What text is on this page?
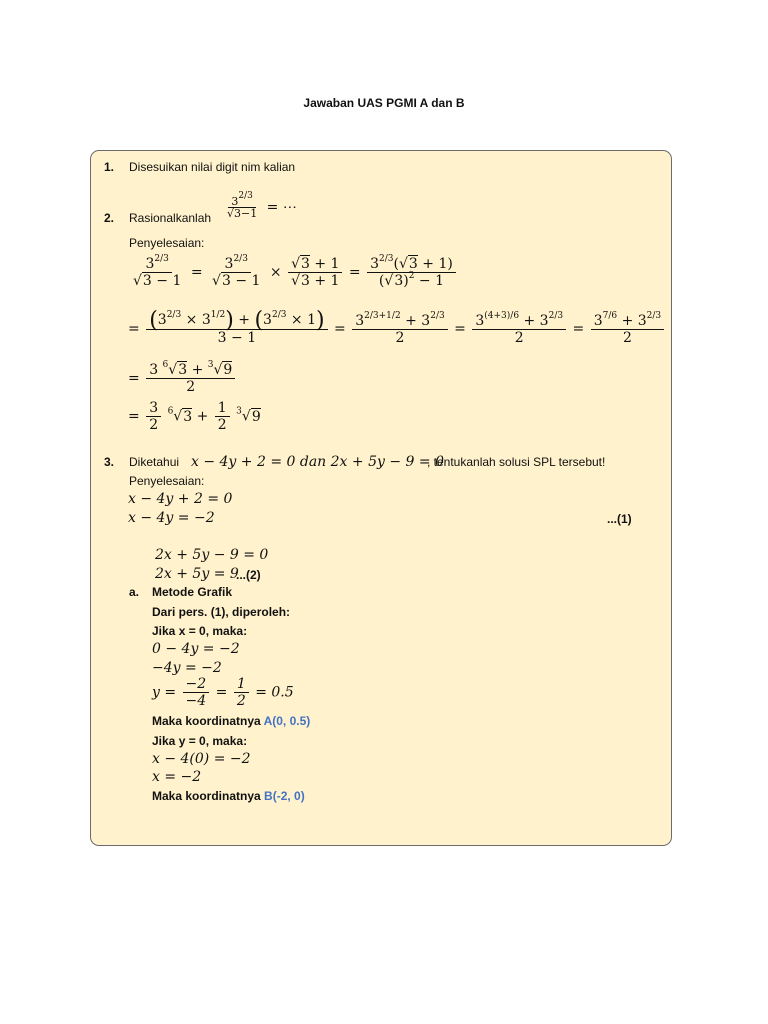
Jawaban UAS PGMI A dan B
1. Disesuikan nilai digit nim kalian
2. Rasionalkanlah $\frac{3^{2/3}}{√3-1}$ = ⋯
Penyelesaian:
$\frac{3^{2/3}}{√3 - 1} = \frac{3^{2/3}}{√3 - 1} \times \frac{√3 + 1}{√3 + 1} = \frac{3^{2/3}(√3 + 1)}{(√3)^2 - 1}$
= $\frac{(3^{2/3} \times 3^{1/2}) + (3^{2/3} \times 1)}{3 - 1} = \frac{3^{2/3+1/2} + 3^{2/3}}{2} = \frac{3^{(4+3)/6} + 3^{2/3}}{2} = \frac{3^{7/6} + 3^{2/3}}{2}$
= $\frac{3 ^6√3 + ^3√9}{2}$
= $\frac{3}{2} ^6√3 + \frac{1}{2} ^3√9$
3. Diketahui x − 4y + 2 = 0 dan 2x + 5y − 9 = 0
, tentukanlah solusi SPL tersebut!
Penyelesaian:
x − 4y + 2 = 0
x − 4y = −2	...(1)
2x + 5y − 9 = 0
2x + 5y = 9
...(2)
a. Metode Grafik
Dari pers. (1), diperoleh:
Jika x = 0, maka:
0 − 4y = −2
−4y = −2
$y = \frac{-2}{-4} = \frac{1}{2} = 0.5$
Maka koordinatnya A(0, 0.5)
Jika y = 0, maka:
x − 4(0) = −2
x = −2
Maka koordinatnya B(-2, 0)
